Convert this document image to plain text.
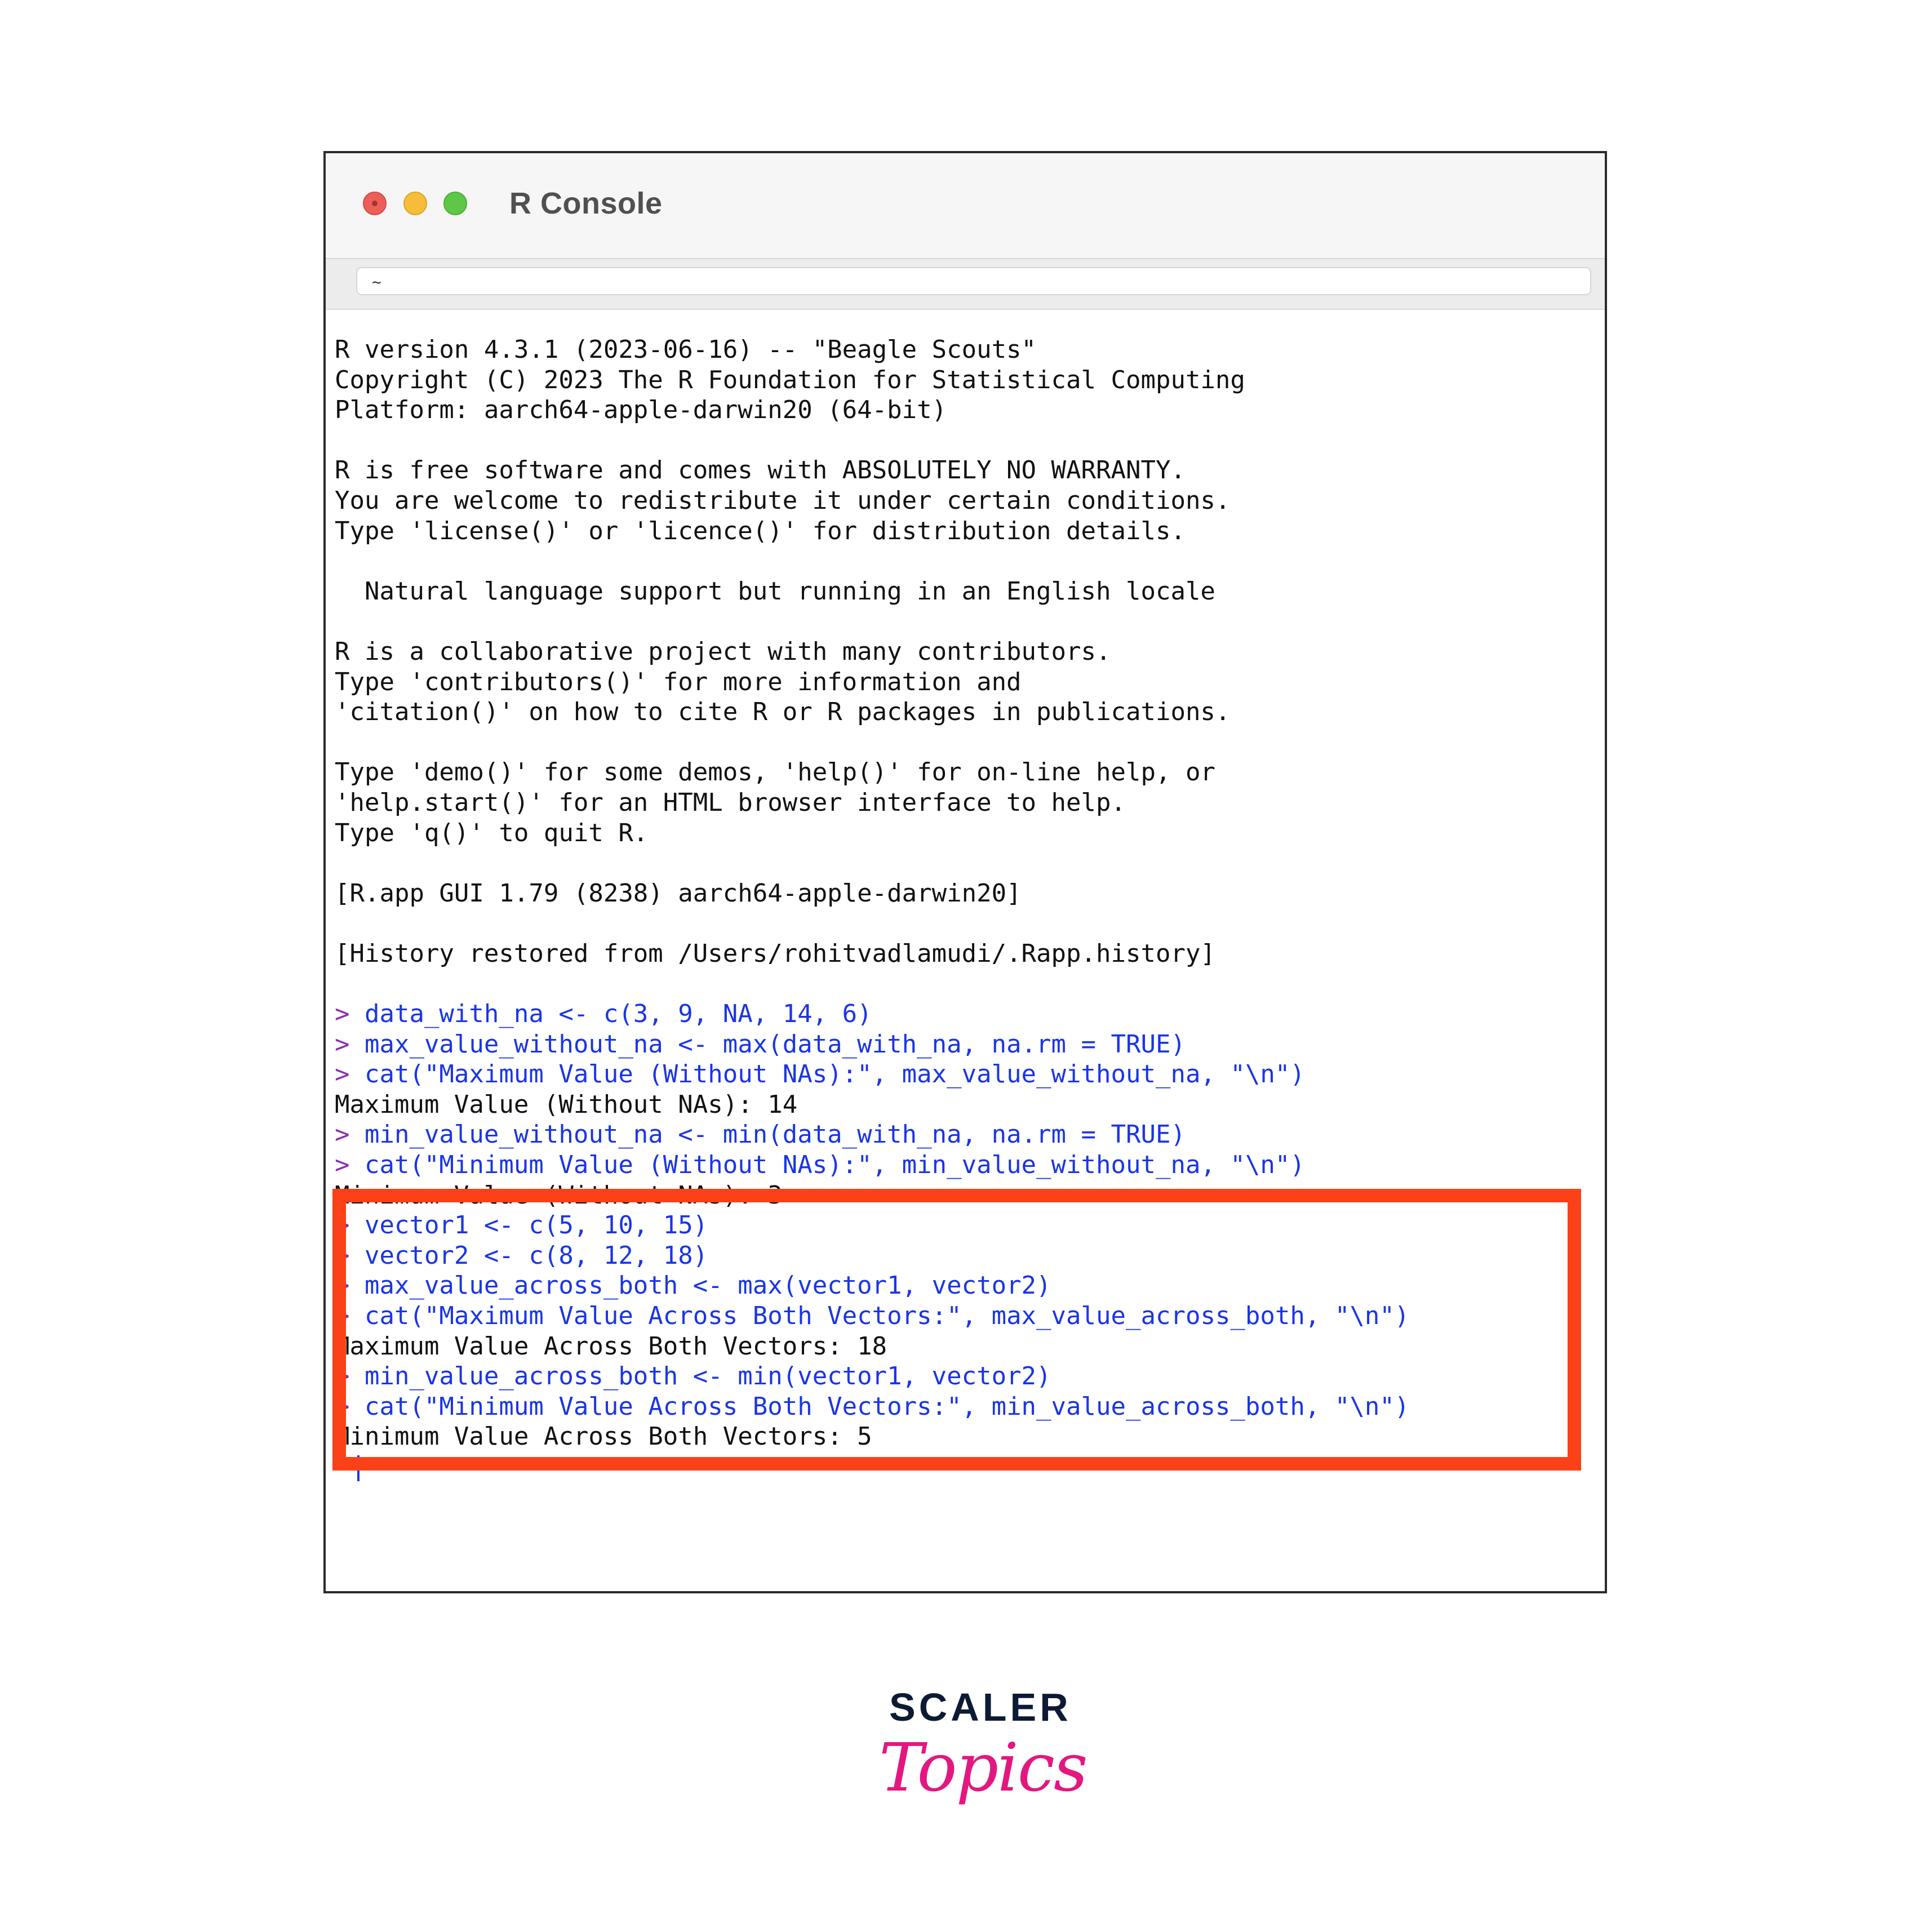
R Console
~
R version 4.3.1 (2023-06-16) -- "Beagle Scouts"
Copyright (C) 2023 The R Foundation for Statistical Computing
Platform: aarch64-apple-darwin20 (64-bit)
R is free software and comes with ABSOLUTELY NO WARRANTY.
You are welcome to redistribute it under certain conditions.
Type 'license()' or 'licence()' for distribution details.
Natural language support but running in an English locale
R is a collaborative project with many contributors.
Type 'contributors()' for more information and
'citation()' on how to cite R or R packages in publications.
Type 'demo()' for some demos, 'help()' for on-line help, or
'help.start()' for an HTML browser interface to help.
Type 'q()' to quit R.
[R.app GUI 1.79 (8238) aarch64-apple-darwin20]
[History restored from /Users/rohitvadlamudi/.Rapp.history]
> data_with_na <- c(3, 9, NA, 14, 6)
> max_value_without_na <- max(data_with_na, na.rm = TRUE)
> cat("Maximum Value (Without NAs):", max_value_without_na, "\n")
Maximum Value (Without NAs): 14
> min_value_without_na <- min(data_with_na, na.rm = TRUE)
> cat("Minimum Value (Without NAs):", min_value_without_na, "\n")
Minimum Value (Without NAs): 3
> vector1 <- c(5, 10, 15)
> vector2 <- c(8, 12, 18)
> max_value_across_both <- max(vector1, vector2)
> cat("Maximum Value Across Both Vectors:", max_value_across_both, "\n")
Maximum Value Across Both Vectors: 18
> min_value_across_both <- min(vector1, vector2)
> cat("Minimum Value Across Both Vectors:", min_value_across_both, "\n")
Minimum Value Across Both Vectors: 5
SCALER
Topics
